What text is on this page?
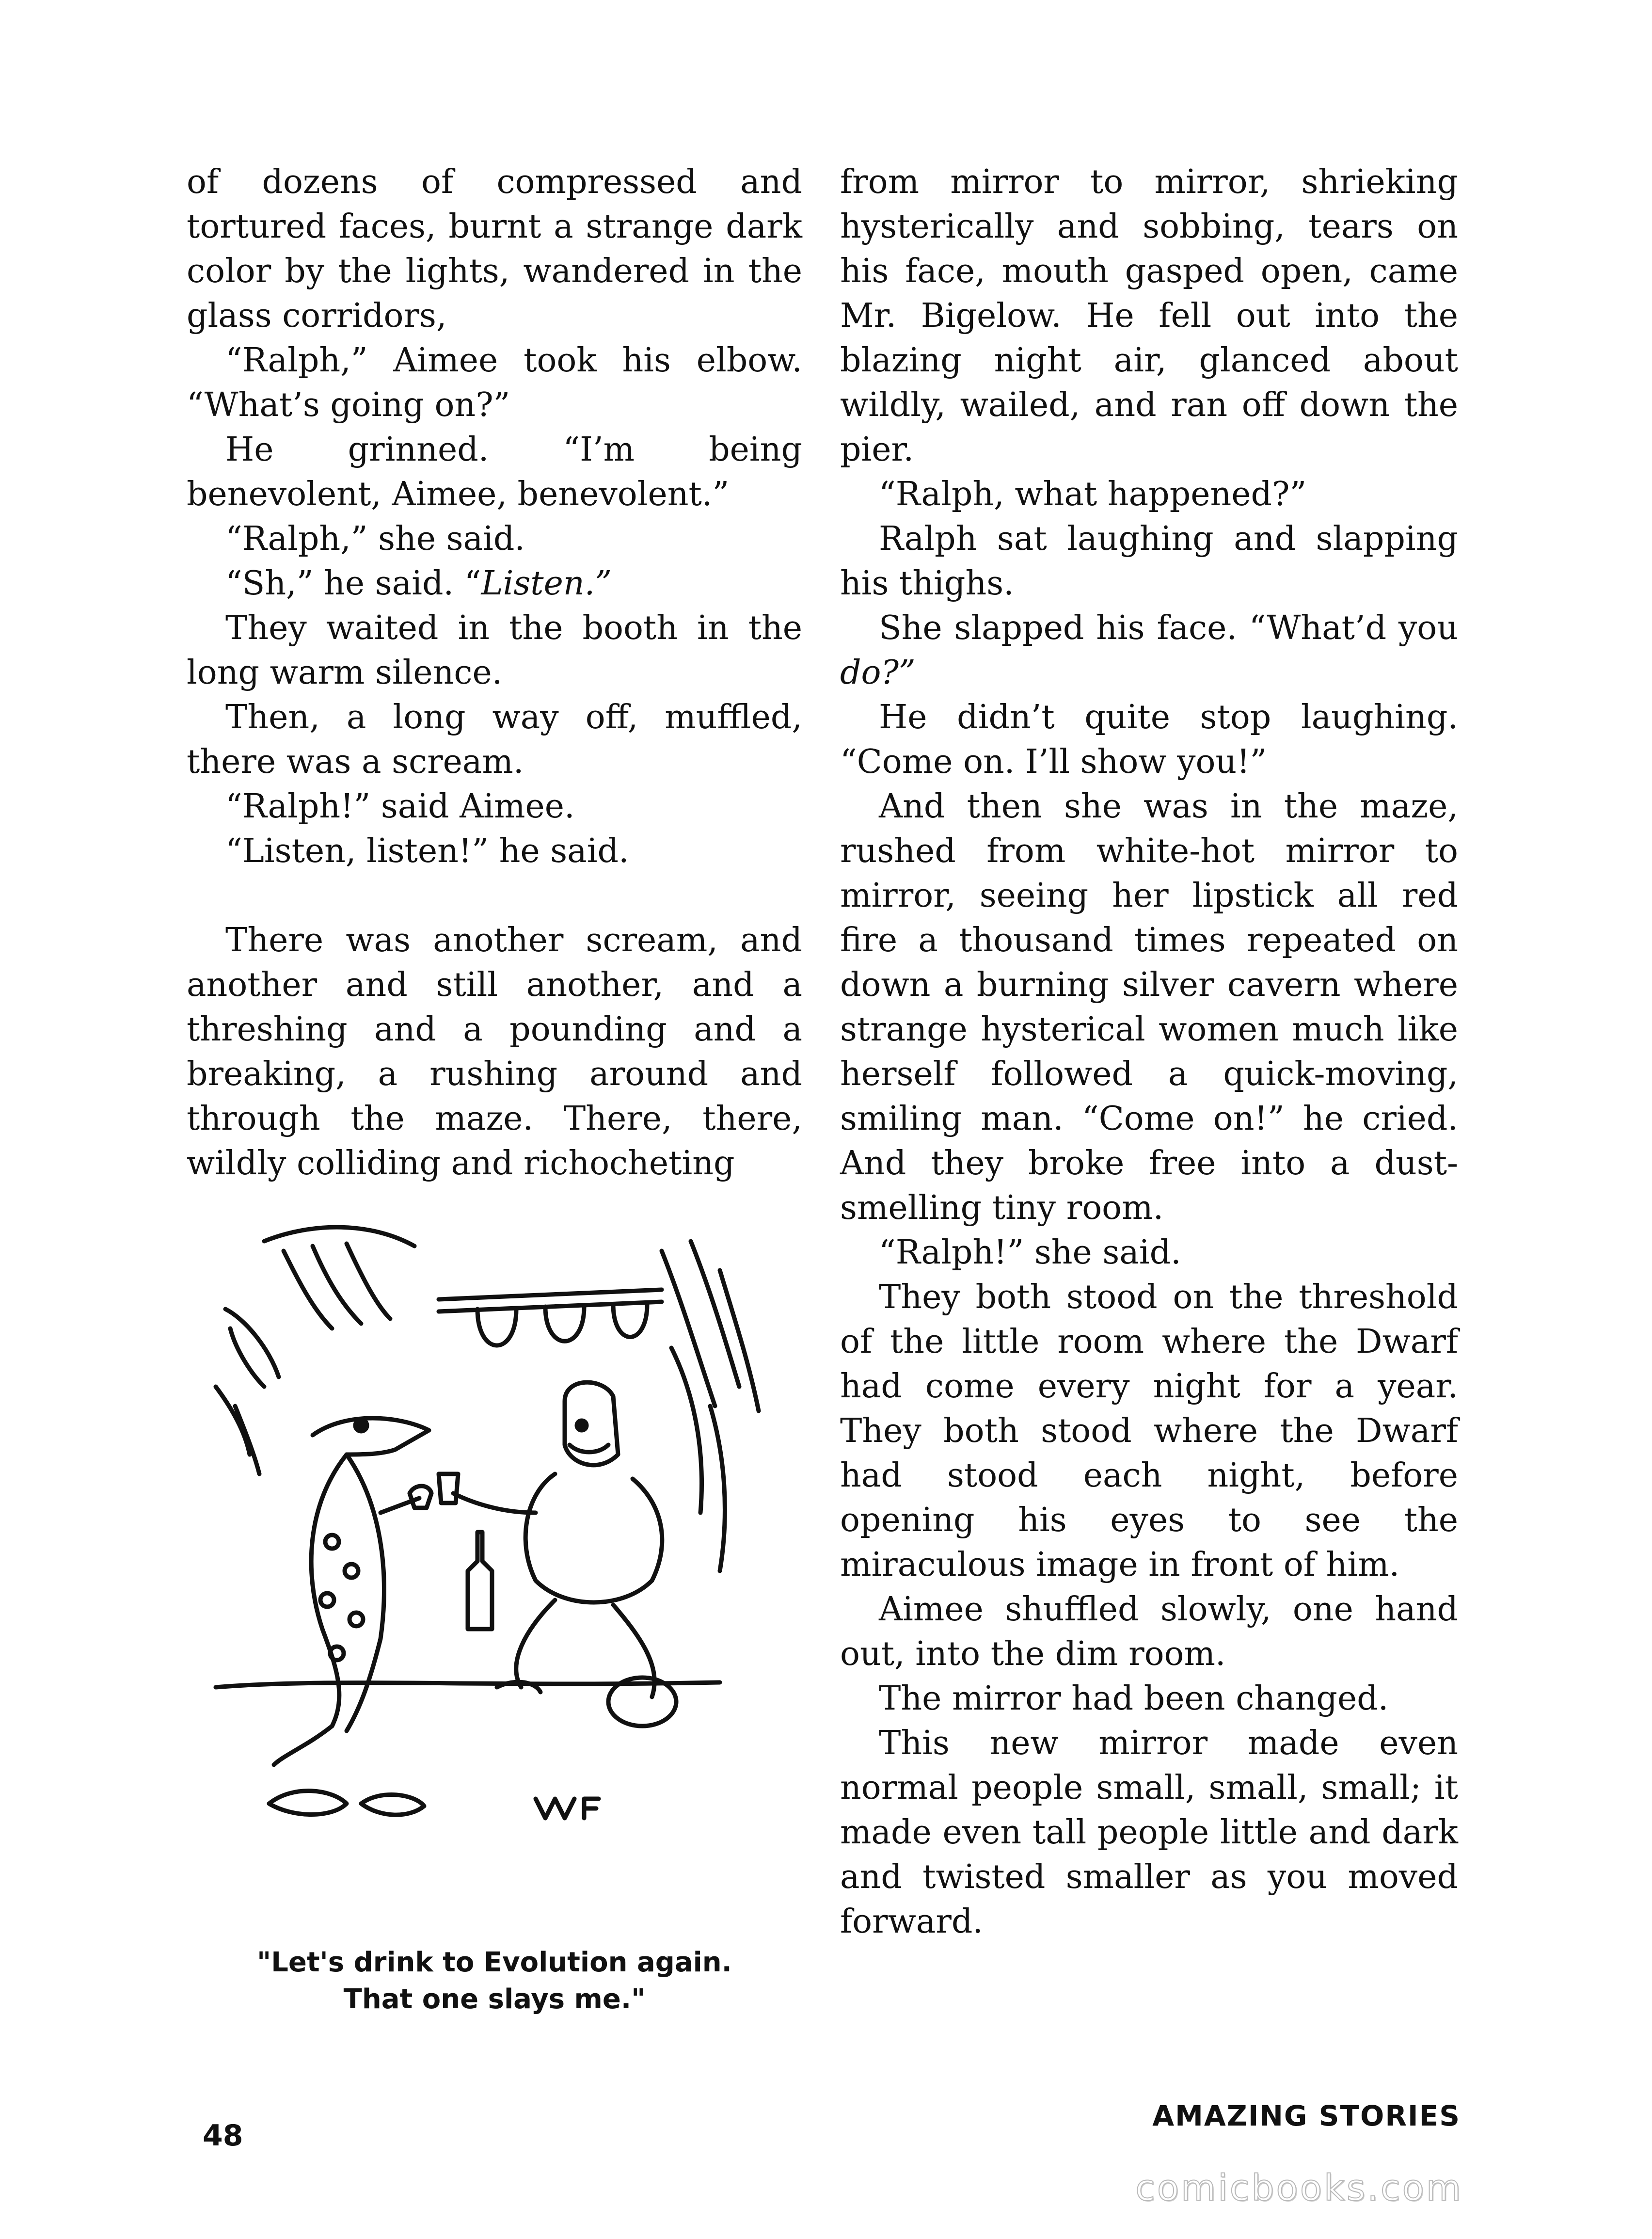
of dozens of compressed and tortured faces, burnt a strange dark color by the lights, wandered in the glass corridors,

“Ralph,” Aimee took his elbow. “What’s going on?”

He grinned. “I’m being benevolent, Aimee, benevolent.”

“Ralph,” she said.

“Sh,” he said. “Listen.”

They waited in the booth in the long warm silence.

Then, a long way off, muffled, there was a scream.

“Ralph!” said Aimee.

“Listen, listen!” he said.

There was another scream, and another and still another, and a threshing and a pounding and a breaking, a rushing around and through the maze. There, there, wildly colliding and richocheting

from mirror to mirror, shrieking hysterically and sobbing, tears on his face, mouth gasped open, came Mr. Bigelow. He fell out into the blazing night air, glanced about wildly, wailed, and ran off down the pier.

“Ralph, what happened?”

Ralph sat laughing and slapping his thighs.

She slapped his face. “What’d you do?”

He didn’t quite stop laughing. “Come on. I’ll show you!”

And then she was in the maze, rushed from white-hot mirror to mirror, seeing her lipstick all red fire a thousand times repeated on down a burning silver cavern where strange hysterical women much like herself followed a quick-moving, smiling man. “Come on!” he cried. And they broke free into a dust-smelling tiny room.

“Ralph!” she said.

They both stood on the threshold of the little room where the Dwarf had come every night for a year. They both stood where the Dwarf had stood each night, before opening his eyes to see the miraculous image in front of him.

Aimee shuffled slowly, one hand out, into the dim room.

The mirror had been changed.

This new mirror made even normal people small, small, small; it made even tall people little and dark and twisted smaller as you moved forward.

"Let's drink to Evolution again.
That one slays me."
48
AMAZING STORIES
comicbooks.com
